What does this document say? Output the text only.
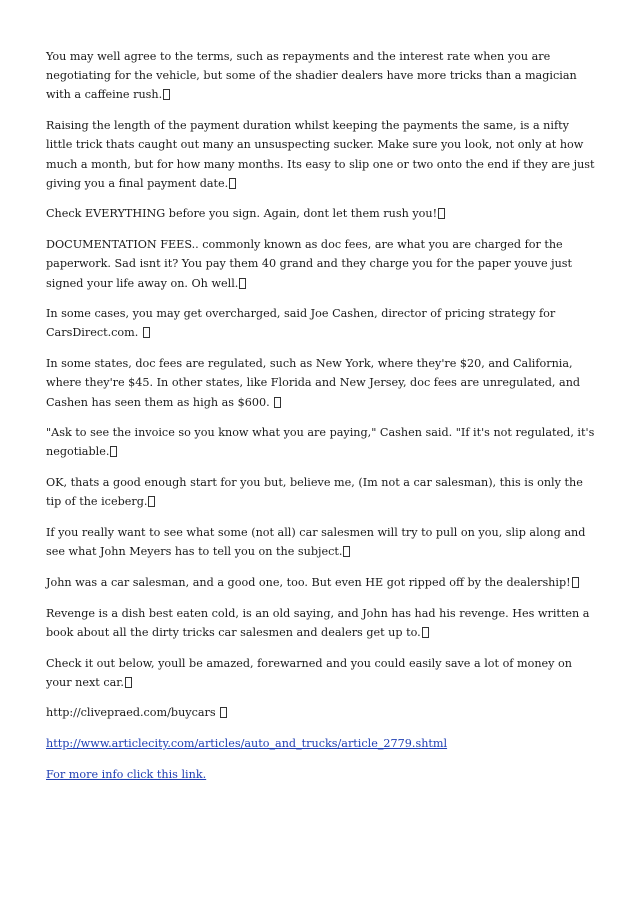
You may well agree to the terms, such as repayments and the interest rate when you are negotiating for the vehicle, but some of the shadier dealers have more tricks than a magician with a caffeine rush.

Raising the length of the payment duration whilst keeping the payments the same, is a nifty little trick thats caught out many an unsuspecting sucker. Make sure you look, not only at how much a month, but for how many months. Its easy to slip one or two onto the end if they are just giving you a final payment date.

Check EVERYTHING before you sign. Again, dont let them rush you!

DOCUMENTATION FEES.. commonly known as doc fees, are what you are charged for the paperwork. Sad isnt it? You pay them 40 grand and they charge you for the paper youve just signed your life away on. Oh well.

In some cases, you may get overcharged, said Joe Cashen, director of pricing strategy for CarsDirect.com.

In some states, doc fees are regulated, such as New York, where they're $20, and California, where they're $45. In other states, like Florida and New Jersey, doc fees are unregulated, and Cashen has seen them as high as $600.

"Ask to see the invoice so you know what you are paying," Cashen said. "If it's not regulated, it's negotiable.

OK, thats a good enough start for you but, believe me, (Im not a car salesman), this is only the tip of the iceberg.

If you really want to see what some (not all) car salesmen will try to pull on you, slip along and see what John Meyers has to tell you on the subject.

John was a car salesman, and a good one, too. But even HE got ripped off by the dealership!

Revenge is a dish best eaten cold, is an old saying, and John has had his revenge. Hes written a book about all the dirty tricks car salesmen and dealers get up to.

Check it out below, youll be amazed, forewarned and you could easily save a lot of money on your next car.

http://clivepraed.com/buycars

http://www.articlecity.com/articles/auto_and_trucks/article_2779.shtml

For more info click this link.
